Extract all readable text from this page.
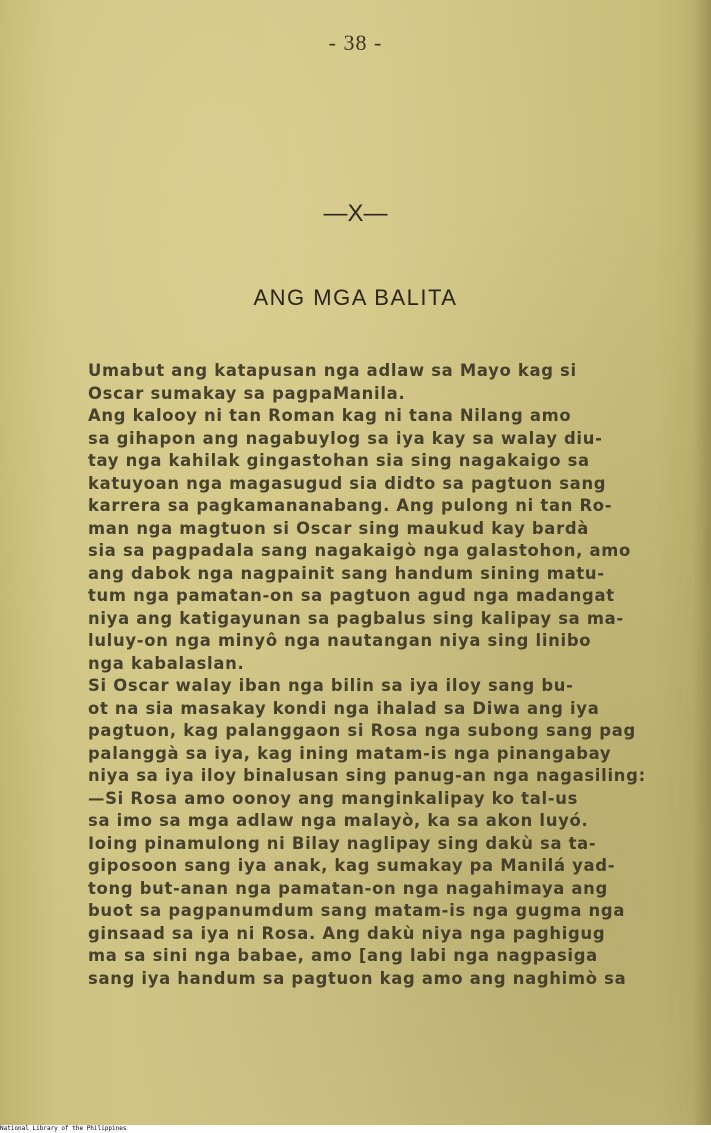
- 38 -
—X—
ANG MGA BALITA
Umabut ang katapusan nga adlaw sa Mayo kag si
Oscar sumakay sa pagpaManila.
Ang kalooy ni tan Roman kag ni tana Nilang amo
sa gihapon ang nagabuylog sa iya kay sa walay diu-
tay nga kahilak gingastohan sia sing nagakaigo sa
katuyoan nga magasugud sia didto sa pagtuon sang
karrera sa pagkamananabang. Ang pulong ni tan Ro-
man nga magtuon si Oscar sing maukud kay bardà
sia sa pagpadala sang nagakaigò nga galastohon, amo
ang dabok nga nagpainit sang handum sining matu-
tum nga pamatan-on sa pagtuon agud nga madangat
niya ang katigayunan sa pagbalus sing kalipay sa ma-
luluy-on nga minyô nga nautangan niya sing linibo
nga kabalaslan.
Si Oscar walay iban nga bilin sa iya iloy sang bu-
ot na sia masakay kondi nga ihalad sa Diwa ang iya
pagtuon, kag palanggaon si Rosa nga subong sang pag
palanggà sa iya, kag ining matam-is nga pinangabay
niya sa iya iloy binalusan sing panug-an nga nagasiling:
—Si Rosa amo oonoy ang manginkalipay ko tal-us
sa imo sa mga adlaw nga malayò, ka sa akon luyó.
Ioing pinamulong ni Bilay naglipay sing dakù sa ta-
giposoon sang iya anak, kag sumakay pa Manilá yad-
tong but-anan nga pamatan-on nga nagahimaya ang
buot sa pagpanumdum sang matam-is nga gugma nga
ginsaad sa iya ni Rosa. Ang dakù niya nga paghigug
ma sa sini nga babae, amo [ang labi nga nagpasiga
sang iya handum sa pagtuon kag amo ang naghimò sa
National Library of the Philippines
